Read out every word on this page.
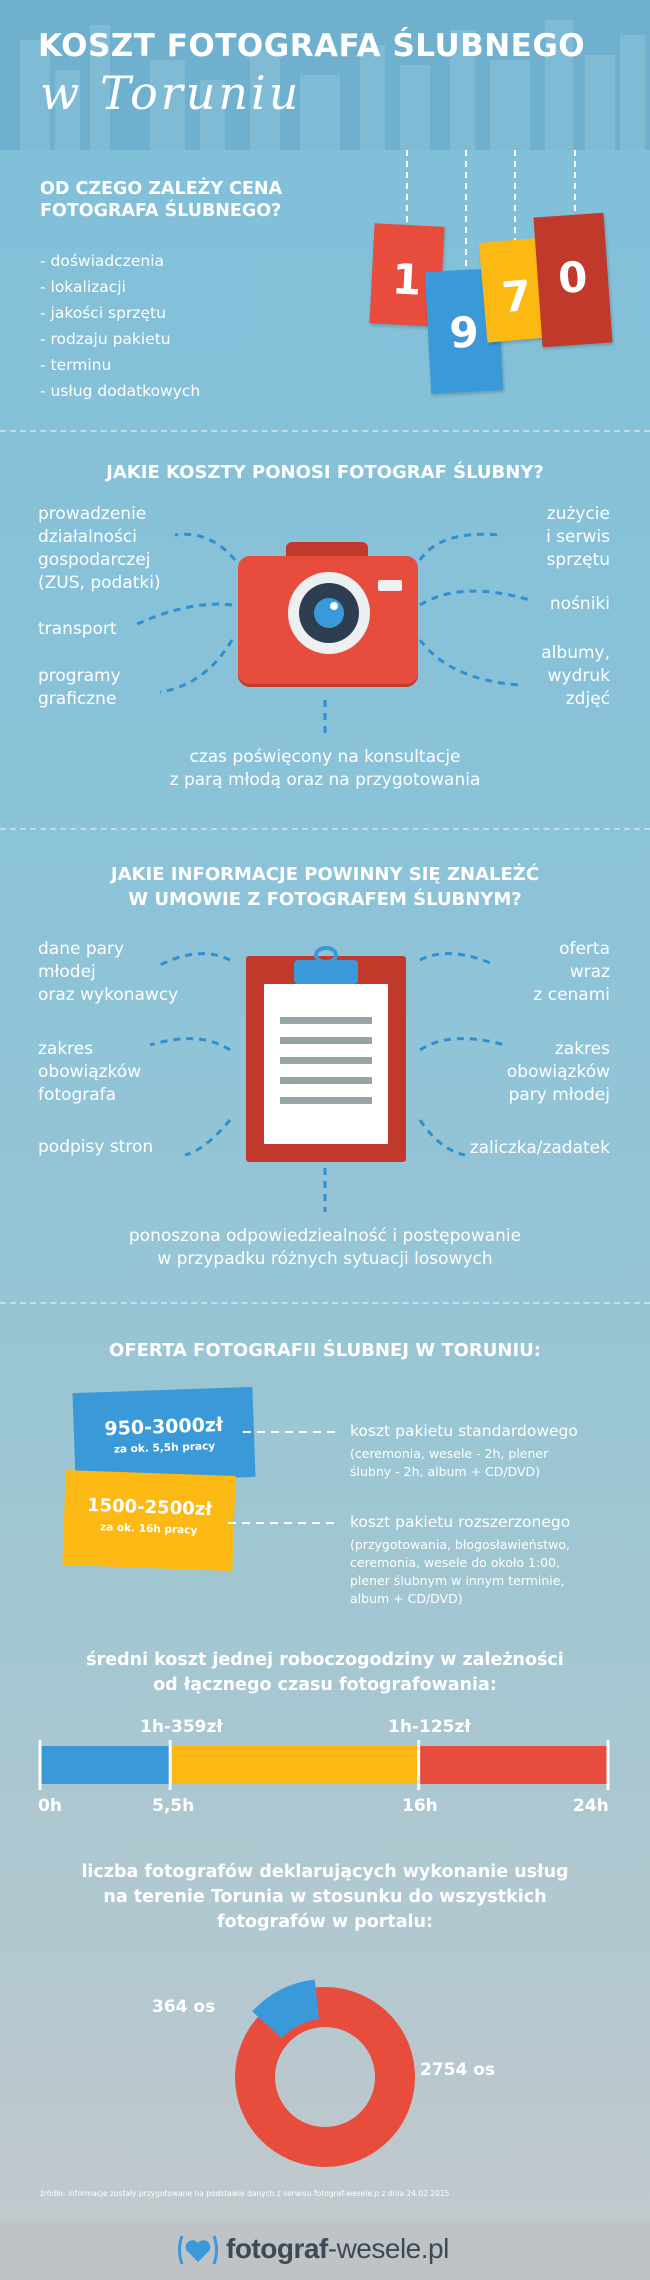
KOSZT FOTOGRAFA ŚLUBNEGO
w Toruniu
OD CZEGO ZALEŻY CENA
FOTOGRAFA ŚLUBNEGO?
- doświadczenia
- lokalizacji
- jakości sprzętu
- rodzaju pakietu
- terminu
- usług dodatkowych
1
9
7 0
JAKIE KOSZTY PONOSI FOTOGRAF ŚLUBNY?
prowadzenie
działalności
gospodarczej
(ZUS, podatki)
transport
programy
graficzne
zużycie
i serwis
sprzętu
nośniki
albumy,
wydruk
zdjęć
czas poświęcony na konsultacje
z parą młodą oraz na przygotowania
JAKIE INFORMACJE POWINNY SIĘ ZNALEŻĆ
W UMOWIE Z FOTOGRAFEM ŚLUBNYM?
dane pary
młodej
oraz wykonawcy
zakres
obowiązków
fotografa
podpisy stron
oferta
wraz
z cenami
zakres
obowiązków
pary młodej
zaliczka/zadatek
ponoszona odpowiedziealność i postępowanie
w przypadku różnych sytuacji losowych
OFERTA FOTOGRAFII ŚLUBNEJ W TORUNIU:
950-3000zł
za ok. 5,5h pracy
1500-2500zł
za ok. 16h pracy
koszt pakietu standardowego
(ceremonia, wesele - 2h, plener
ślubny - 2h, album + CD/DVD)
koszt pakietu rozszerzonego
(przygotowania, błogosławieństwo,
ceremonia, wesele do około 1:00,
plener ślubnym w innym terminie,
album + CD/DVD)
średni koszt jednej roboczogodziny w zależności
od łącznego czasu fotografowania:
1h-359zł	1h-125zł
0h	5,5h	16h	24h
liczba fotografów deklarujących wykonanie usług
na terenie Torunia w stosunku do wszystkich
fotografów w portalu:
364 os
2754 os
źródło: informacje zostały przygotowane na podstawie danych z serwisu fotograf-wesele.p z dnia 24.02.2015
fotograf-wesele.pl
